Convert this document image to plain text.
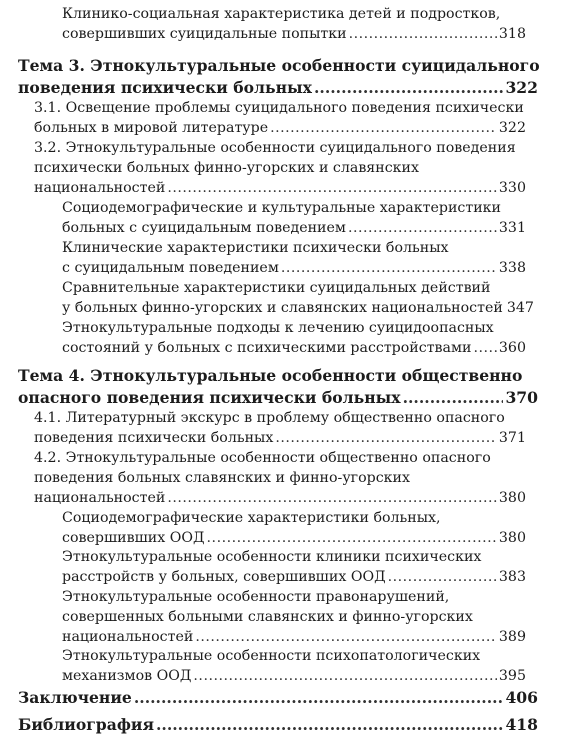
Клинико-социальная характеристика детей и подростков,
совершивших суицидальные попытки .....	318
Тема 3. Этнокультуральные особенности суицидального
поведения психически больных .....	322
3.1. Освещение проблемы суицидального поведения психически
больных в мировой литературе .....	322
3.2. Этнокультуральные особенности суицидального поведения
психически больных финно-угорских и славянских
национальностей .....	330
Социодемографические и культуральные характеристики
больных с суицидальным поведением .....	331
Клинические характеристики психически больных
с суицидальным поведением .....	338
Сравнительные характеристики суицидальных действий
у больных финно-угорских и славянских национальностей 347
Этнокультуральные подходы к лечению суицидоопасных
состояний у больных с психическими расстройствами ..... 360
Тема 4. Этнокультуральные особенности общественно
опасного поведения психически больных .....	370
4.1. Литературный экскурс в проблему общественно опасного
поведения психически больных .....	371
4.2. Этнокультуральные особенности общественно опасного
поведения больных славянских и финно-угорских
национальностей .....	380
Социодемографические характеристики больных,
совершивших ООД .....	380
Этнокультуральные особенности клиники психических
расстройств у больных, совершивших ООД .....	383
Этнокультуральные особенности правонарушений,
совершенных больными славянских и финно-угорских
национальностей .....	389
Этнокультуральные особенности психопатологических
механизмов ООД .....	395
Заключение .....	406
Библиография .....	418
